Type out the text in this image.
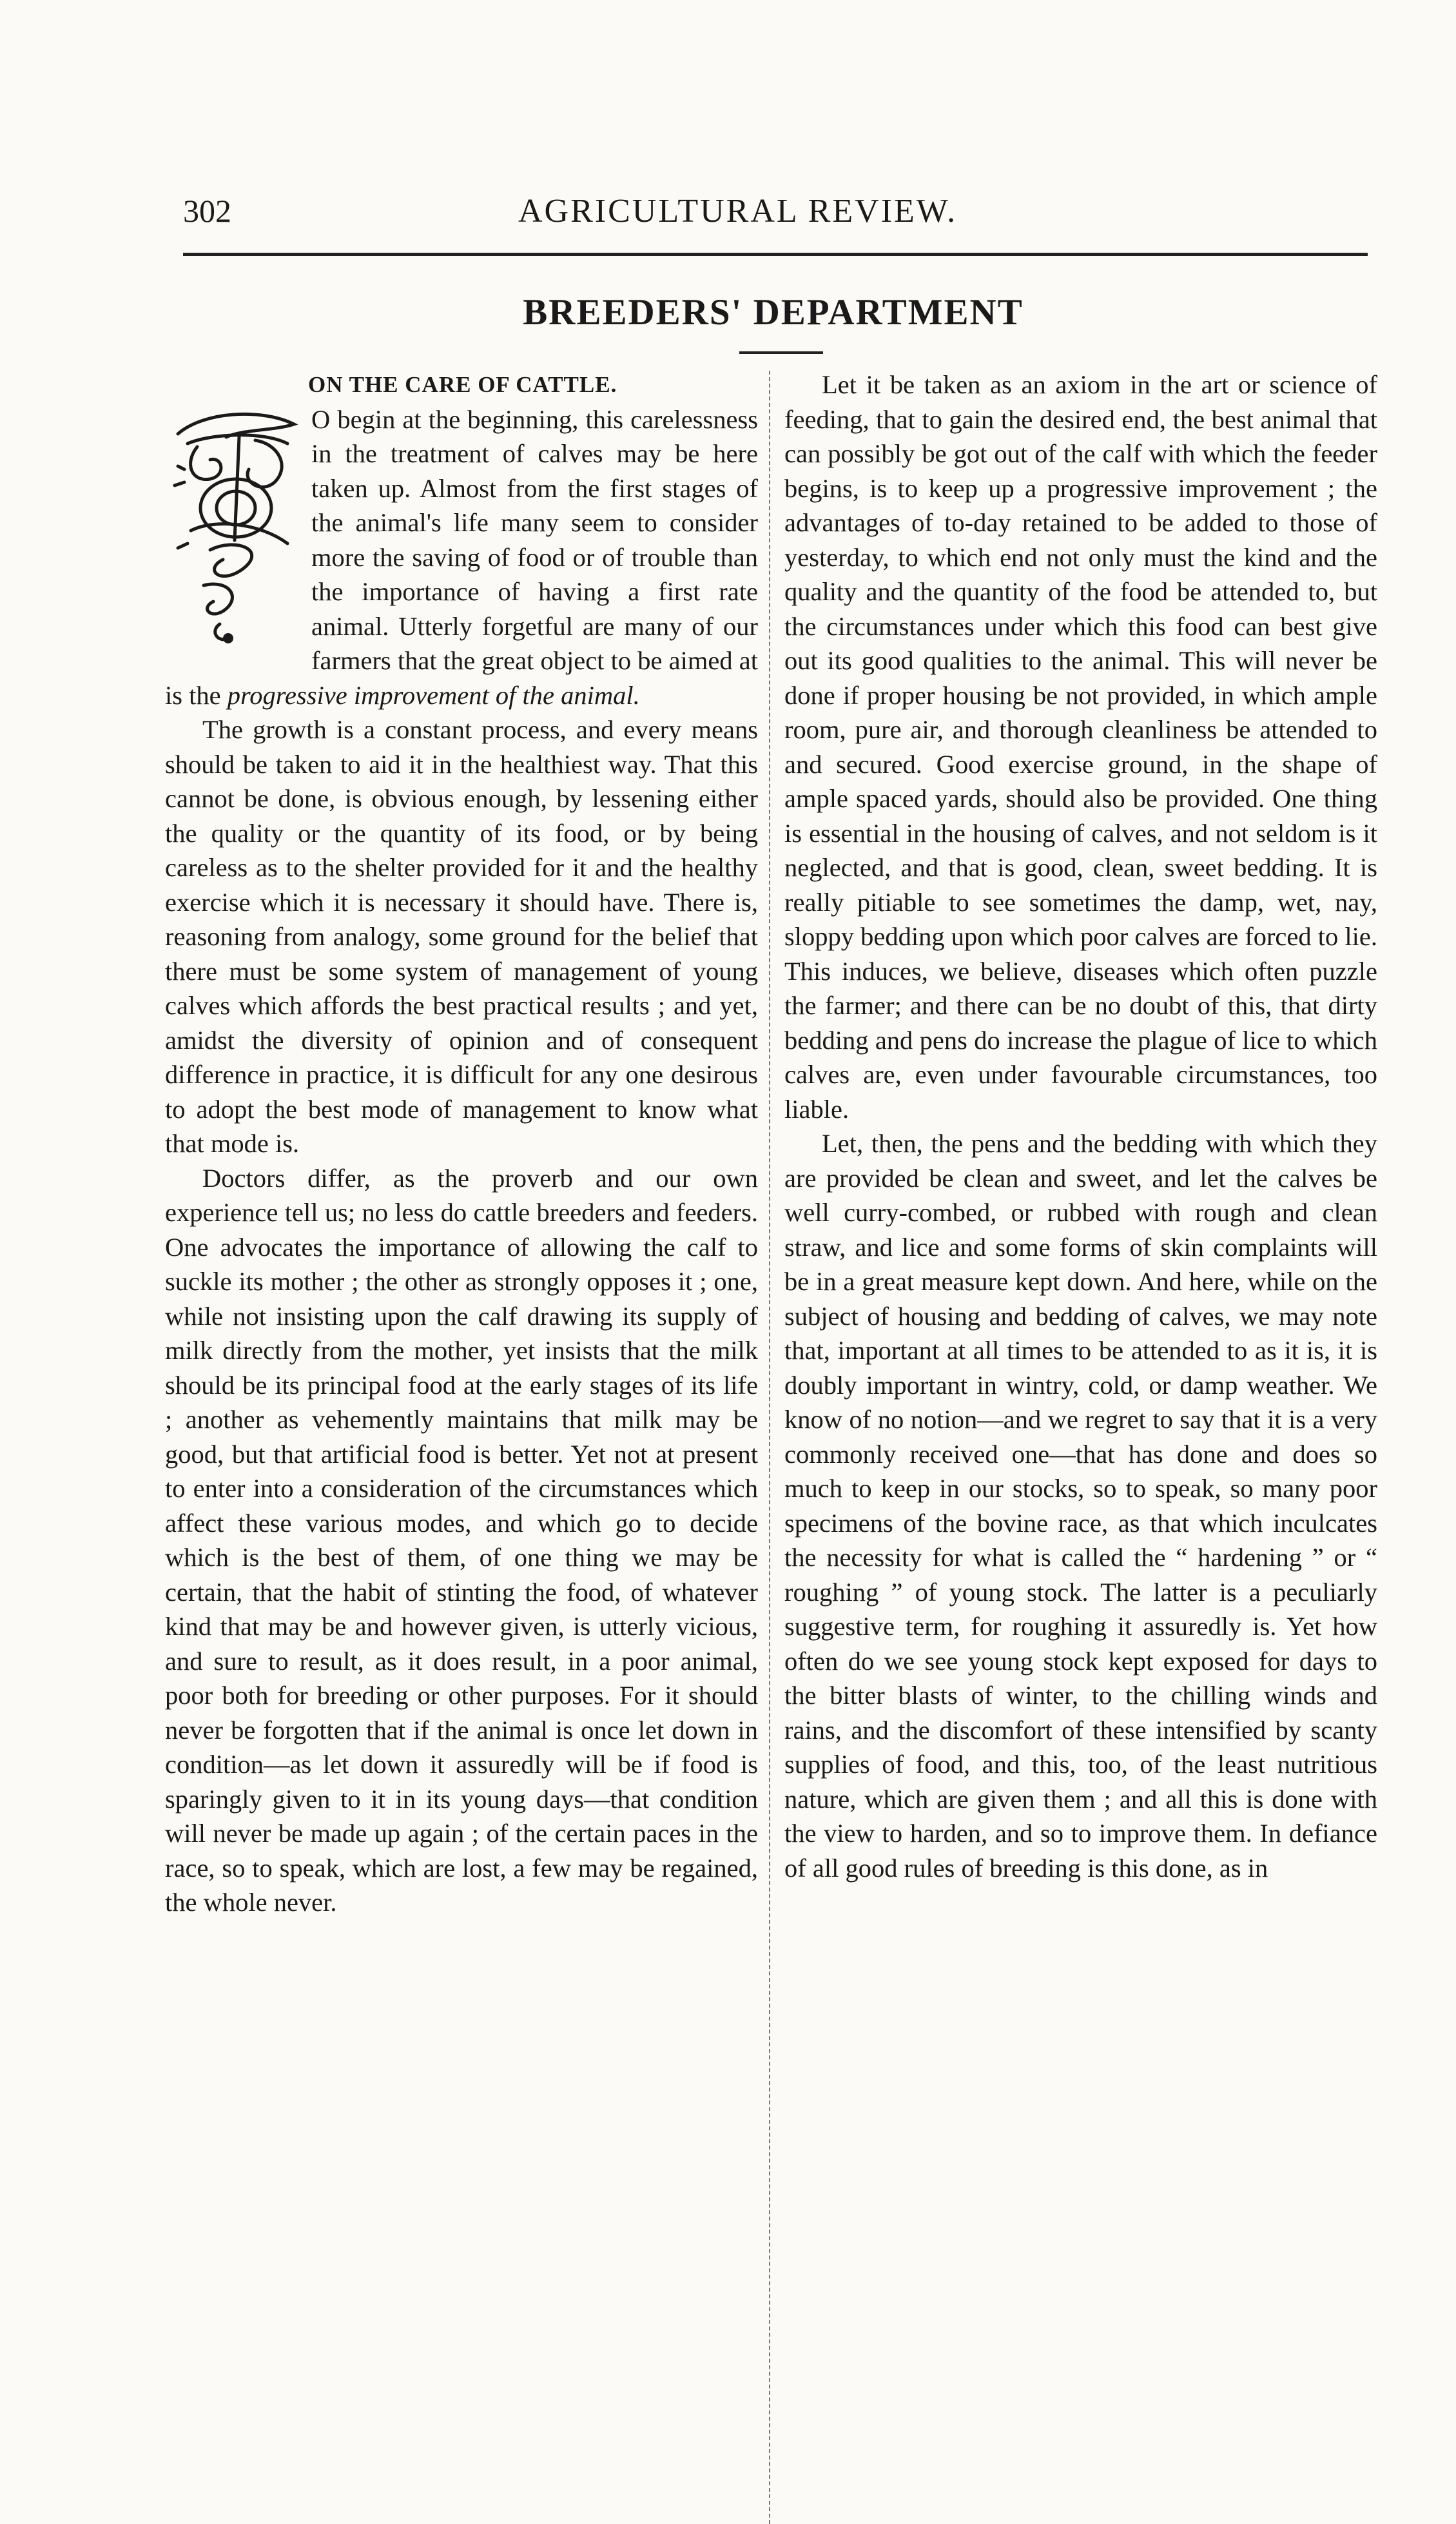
302	AGRICULTURAL REVIEW.
BREEDERS' DEPARTMENT
ON THE CARE OF CATTLE.

O begin at the beginning, this carelessness in the treatment of calves may be here taken up. Almost from the first stages of the animal's life many seem to consider more the saving of food or of trouble than the importance of having a first rate animal. Utterly forgetful are many of our farmers that the great object to be aimed at is the progressive improvement of the animal.

The growth is a constant process, and every means should be taken to aid it in the healthiest way. That this cannot be done, is obvious enough, by lessening either the quality or the quantity of its food, or by being careless as to the shelter provided for it and the healthy exercise which it is necessary it should have. There is, reasoning from analogy, some ground for the belief that there must be some system of management of young calves which affords the best practical results ; and yet, amidst the diversity of opinion and of consequent difference in practice, it is difficult for any one desirous to adopt the best mode of management to know what that mode is.

Doctors differ, as the proverb and our own experience tell us; no less do cattle breeders and feeders. One advocates the importance of allowing the calf to suckle its mother ; the other as strongly opposes it ; one, while not insisting upon the calf drawing its supply of milk directly from the mother, yet insists that the milk should be its principal food at the early stages of its life ; another as vehemently maintains that milk may be good, but that artificial food is better. Yet not at present to enter into a consideration of the circumstances which affect these various modes, and which go to decide which is the best of them, of one thing we may be certain, that the habit of stinting the food, of whatever kind that may be and however given, is utterly vicious, and sure to result, as it does result, in a poor animal, poor both for breeding or other purposes. For it should never be forgotten that if the animal is once let down in condition—as let down it assuredly will be if food is sparingly given to it in its young days—that condition will never be made up again ; of the certain paces in the race, so to speak, which are lost, a few may be regained, the whole never.

Let it be taken as an axiom in the art or science of feeding, that to gain the desired end, the best animal that can possibly be got out of the calf with which the feeder begins, is to keep up a progressive improvement ; the advantages of to-day retained to be added to those of yesterday, to which end not only must the kind and the quality and the quantity of the food be attended to, but the circumstances under which this food can best give out its good qualities to the animal. This will never be done if proper housing be not provided, in which ample room, pure air, and thorough cleanliness be attended to and secured. Good exercise ground, in the shape of ample spaced yards, should also be provided. One thing is essential in the housing of calves, and not seldom is it neglected, and that is good, clean, sweet bedding. It is really pitiable to see sometimes the damp, wet, nay, sloppy bedding upon which poor calves are forced to lie. This induces, we believe, diseases which often puzzle the farmer; and there can be no doubt of this, that dirty bedding and pens do increase the plague of lice to which calves are, even under favourable circumstances, too liable.

Let, then, the pens and the bedding with which they are provided be clean and sweet, and let the calves be well curry-combed, or rubbed with rough and clean straw, and lice and some forms of skin complaints will be in a great measure kept down. And here, while on the subject of housing and bedding of calves, we may note that, important at all times to be attended to as it is, it is doubly important in wintry, cold, or damp weather. We know of no notion—and we regret to say that it is a very commonly received one—that has done and does so much to keep in our stocks, so to speak, so many poor specimens of the bovine race, as that which inculcates the necessity for what is called the “ hardening ” or “ roughing ” of young stock. The latter is a peculiarly suggestive term, for roughing it assuredly is. Yet how often do we see young stock kept exposed for days to the bitter blasts of winter, to the chilling winds and rains, and the discomfort of these intensified by scanty supplies of food, and this, too, of the least nutritious nature, which are given them ; and all this is done with the view to harden, and so to improve them. In defiance of all good rules of breeding is this done, as in
